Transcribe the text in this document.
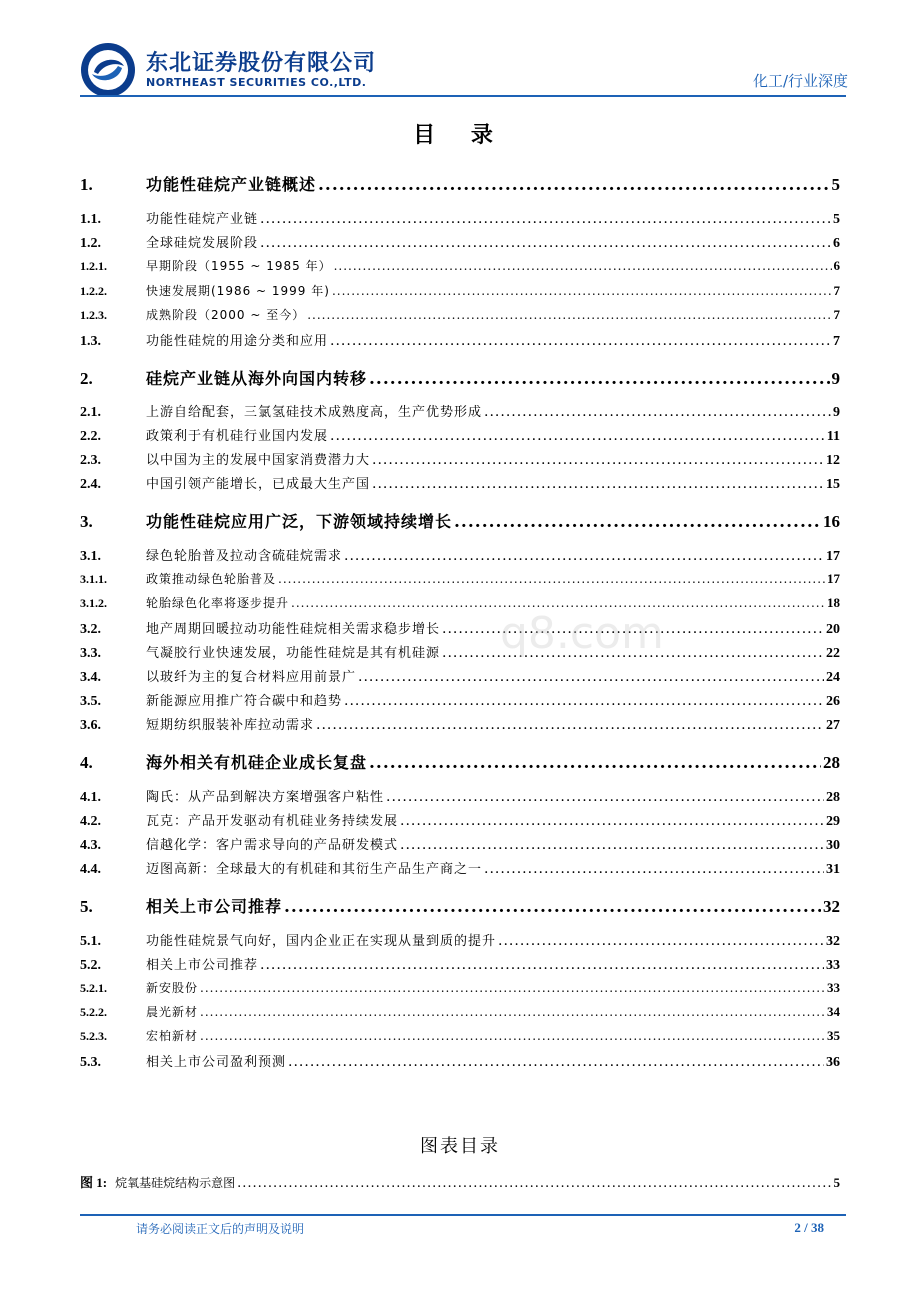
东北证券股份有限公司
NORTHEAST SECURITIES CO.,LTD.	化工/行业深度
目 录
1.	功能性硅烷产业链概述 .....	5
1.1.	功能性硅烷产业链 .....	5
1.2.	全球硅烷发展阶段 .....	6
1.2.1.	早期阶段（1955 ~ 1985 年） .....	6
1.2.2.	快速发展期(1986 ~ 1999 年) .....	7
1.2.3.	成熟阶段（2000 ~ 至今） .....	7
1.3.	功能性硅烷的用途分类和应用 .....	7
2.	硅烷产业链从海外向国内转移 .....	9
2.1.	上游自给配套，三氯氢硅技术成熟度高，生产优势形成 .....	9
2.2.	政策利于有机硅行业国内发展 .....	11
2.3.	以中国为主的发展中国家消费潜力大 .....	12
2.4.	中国引领产能增长，已成最大生产国 .....	15
3.	功能性硅烷应用广泛，下游领域持续增长 .....	16
3.1.	绿色轮胎普及拉动含硫硅烷需求 .....	17
3.1.1.	政策推动绿色轮胎普及 .....	17
3.1.2.	轮胎绿色化率将逐步提升 .....	18
3.2.	地产周期回暖拉动功能性硅烷相关需求稳步增长 .....	20
3.3.	气凝胶行业快速发展，功能性硅烷是其有机硅源 .....	22
3.4.	以玻纤为主的复合材料应用前景广 .....	24
3.5.	新能源应用推广符合碳中和趋势 .....	26
3.6.	短期纺织服装补库拉动需求 .....	27
4.	海外相关有机硅企业成长复盘 .....	28
4.1.	陶氏：从产品到解决方案增强客户粘性 .....	28
4.2.	瓦克：产品开发驱动有机硅业务持续发展 .....	29
4.3.	信越化学：客户需求导向的产品研发模式 .....	30
4.4.	迈图高新：全球最大的有机硅和其衍生产品生产商之一 .....	31
5.	相关上市公司推荐 .....	32
5.1.	功能性硅烷景气向好，国内企业正在实现从量到质的提升 .....	32
5.2.	相关上市公司推荐 .....	33
5.2.1.	新安股份 .....	33
5.2.2.	晨光新材 .....	34
5.2.3.	宏柏新材 .....	35
5.3.	相关上市公司盈利预测 .....	36
q8.com
图表目录
图 1: 烷氧基硅烷结构示意图 .....	5
请务必阅读正文后的声明及说明	2 / 38
